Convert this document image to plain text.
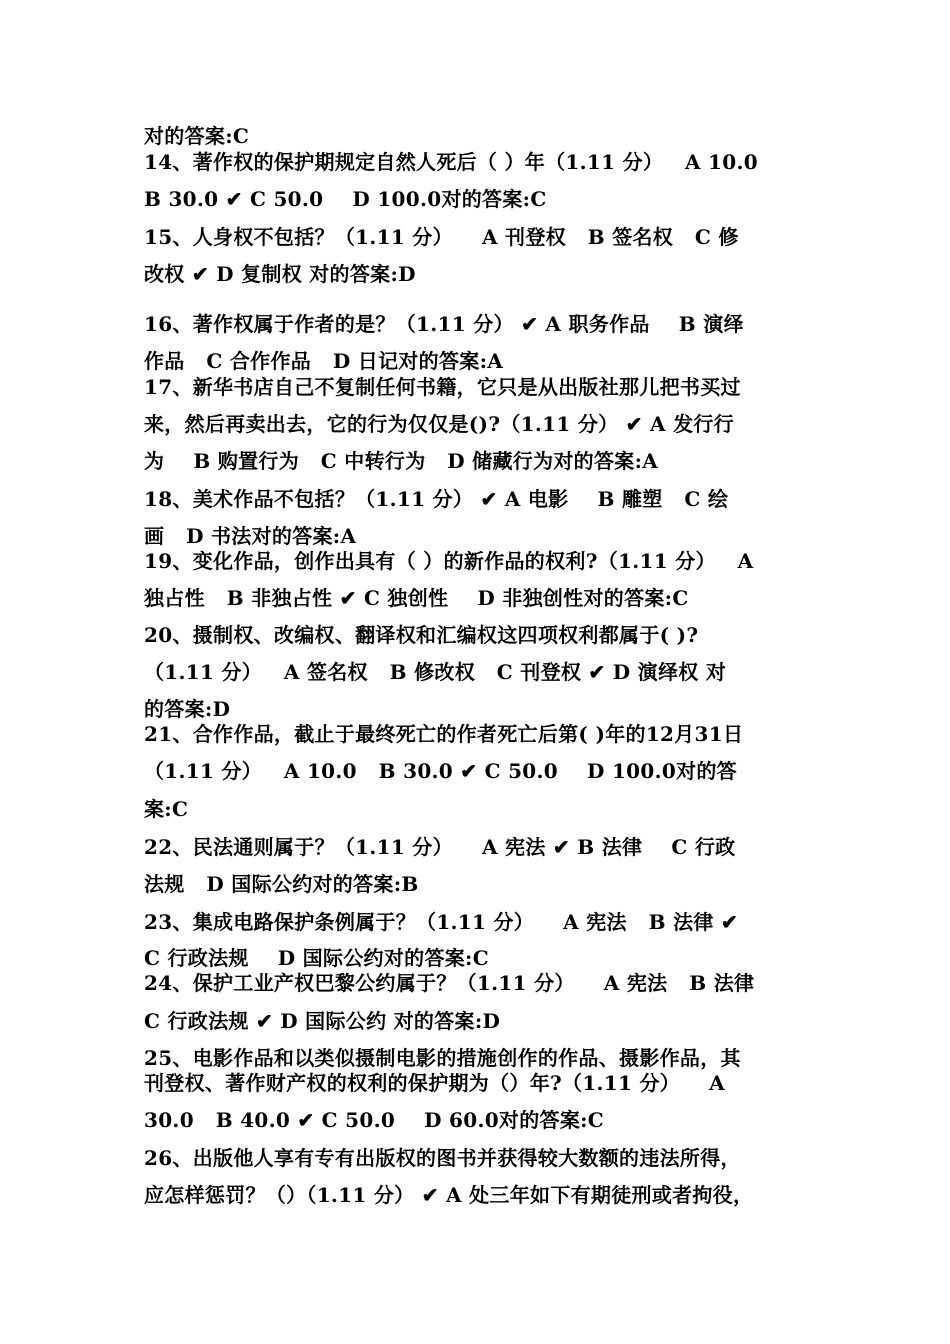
对的答案:C
14、著作权的保护期规定自然人死后（ ）年（1.11 分）   A 10.0
B 30.0 ✔ C 50.0    D 100.0对的答案:C
15、人身权不包括？（1.11 分）    A 刊登权   B 签名权   C 修
改权 ✔ D 复制权 对的答案:D
16、著作权属于作者的是？（1.11 分） ✔ A 职务作品    B 演绎
作品   C 合作作品   D 日记对的答案:A
17、新华书店自己不复制任何书籍，它只是从出版社那儿把书买过
来，然后再卖出去，它的行为仅仅是()?（1.11 分） ✔ A 发行行
为    B 购置行为   C 中转行为   D 储藏行为对的答案:A
18、美术作品不包括？（1.11 分） ✔ A 电影    B 雕塑   C 绘
画   D 书法对的答案:A
19、变化作品，创作出具有（ ）的新作品的权利?（1.11 分）   A
独占性   B 非独占性 ✔ C 独创性    D 非独创性对的答案:C
20、摄制权、改编权、翻译权和汇编权这四项权利都属于( )?
（1.11 分）   A 签名权   B 修改权   C 刊登权 ✔ D 演绎权 对
的答案:D
21、合作作品，截止于最终死亡的作者死亡后第( )年的12月31日
（1.11 分）   A 10.0   B 30.0 ✔ C 50.0    D 100.0对的答
案:C
22、民法通则属于？（1.11 分）    A 宪法 ✔ B 法律    C 行政
法规   D 国际公约对的答案:B
23、集成电路保护条例属于？（1.11 分）    A 宪法   B 法律 ✔
C 行政法规    D 国际公约对的答案:C
24、保护工业产权巴黎公约属于？（1.11 分）    A 宪法   B 法律
C 行政法规 ✔ D 国际公约 对的答案:D
25、电影作品和以类似摄制电影的措施创作的作品、摄影作品，其
刊登权、著作财产权的权利的保护期为（）年?（1.11 分）    A
30.0   B 40.0 ✔ C 50.0    D 60.0对的答案:C
26、出版他人享有专有出版权的图书并获得较大数额的违法所得，
应怎样惩罚？（）（1.11 分） ✔ A 处三年如下有期徒刑或者拘役，
